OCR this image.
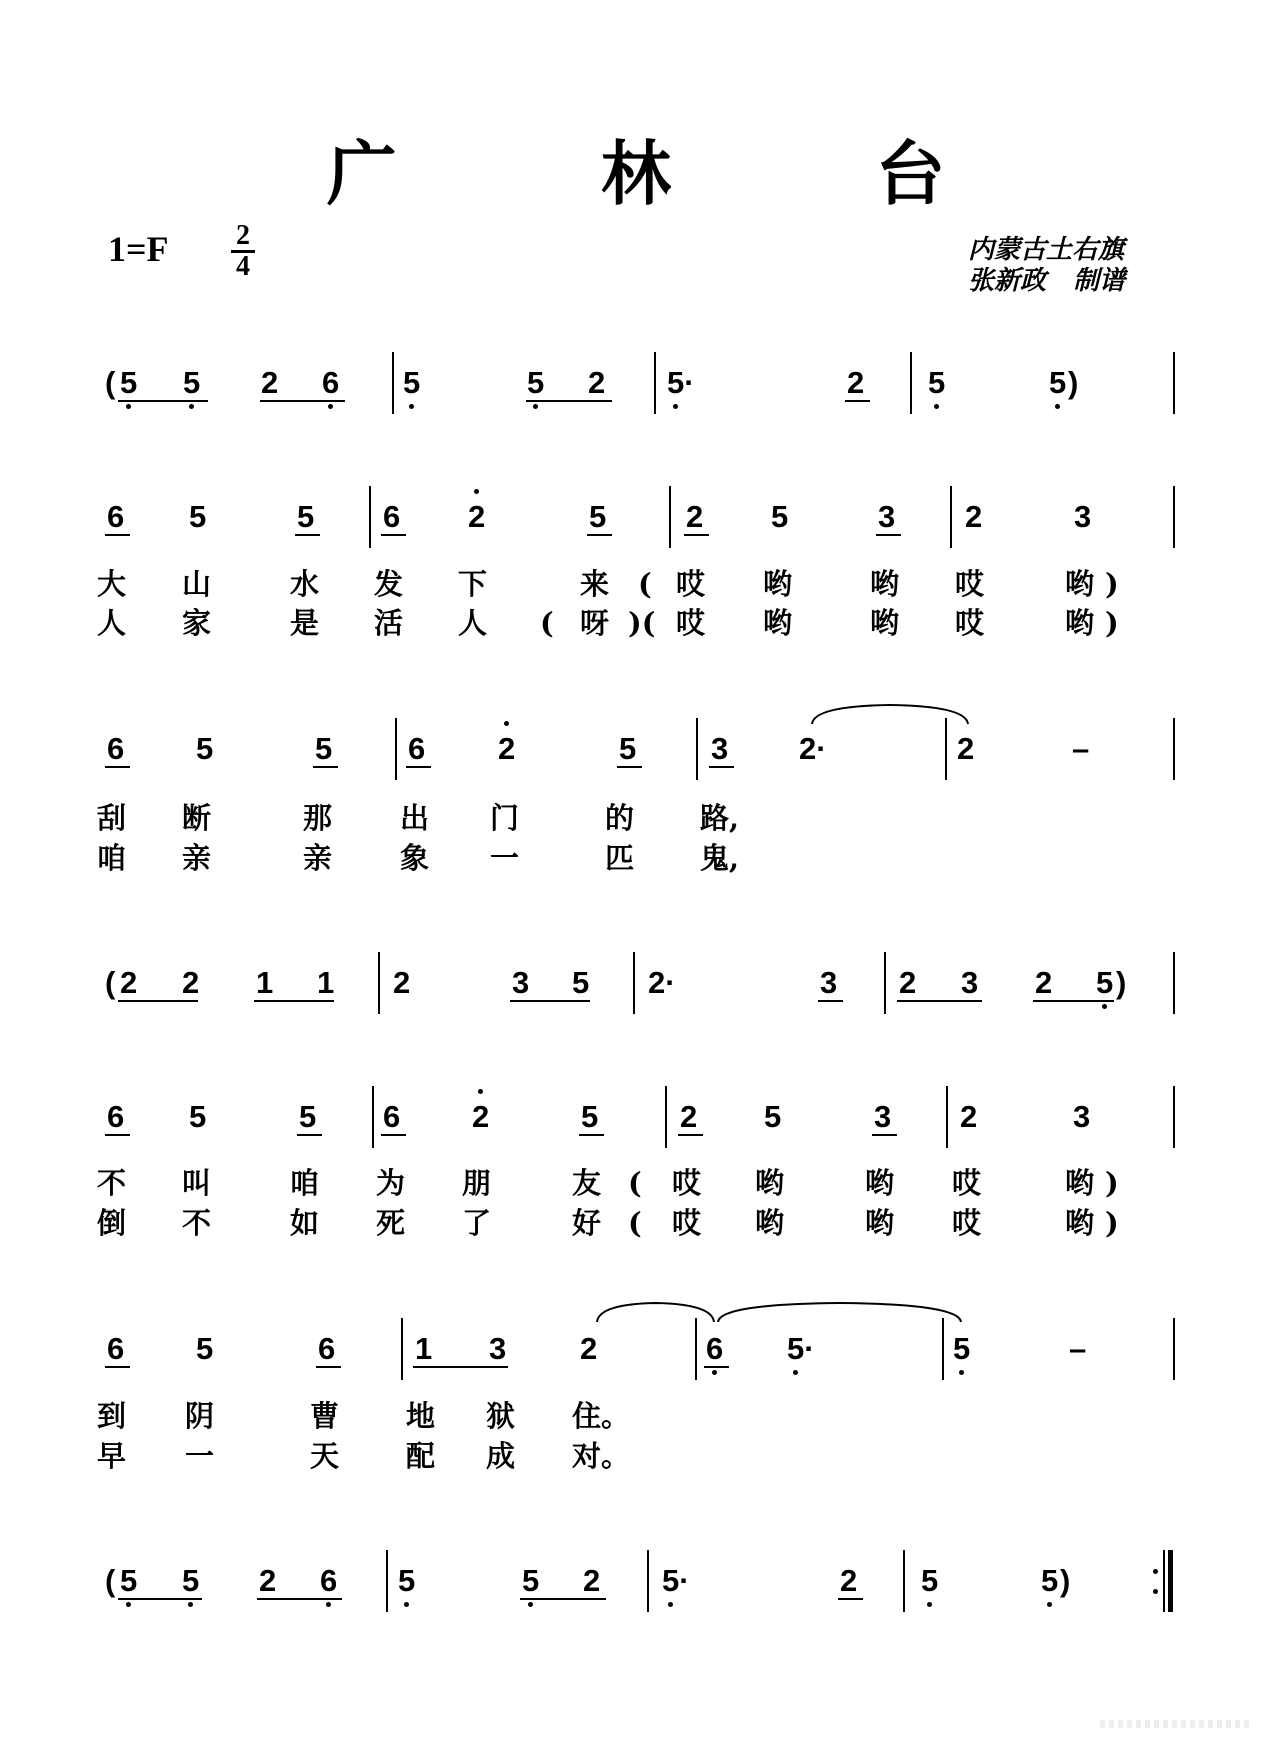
广 林 台
1=F 2
4
内蒙古土右旗
张新政   制谱
( 5 5 2 6 5	5 2 5·	2 5	5 )
6 5	5 6 2	5	2 5	3 2	3
大 山	水 发 下	来 ( 哎 哟	哟 哎	哟 )
人 家	是 活 人 ( 呀 )( 哎 哟	哟 哎	哟 )
6 5	5 6 2	5 3 2·	2	–
刮 断	那 出 门	的 路,
咱 亲	亲 象 一	匹 鬼,
( 2 2 1 1 2	3 5 2·	3 2 3 2 5 )
6 5	5 6 2	5	2 5	3 2	3
不 叫	咱 为 朋	友 ( 哎 哟	哟 哎	哟 )
倒 不	如 死 了	好 ( 哎 哟	哟 哎	哟 )
6 5	6	1 3 2	6 5·	5	–
到 阴	曹 地 狱 住。
早 一	天 配 成 对。
( 5 5 2 6 5	5 2 5·	2 5	5 )
